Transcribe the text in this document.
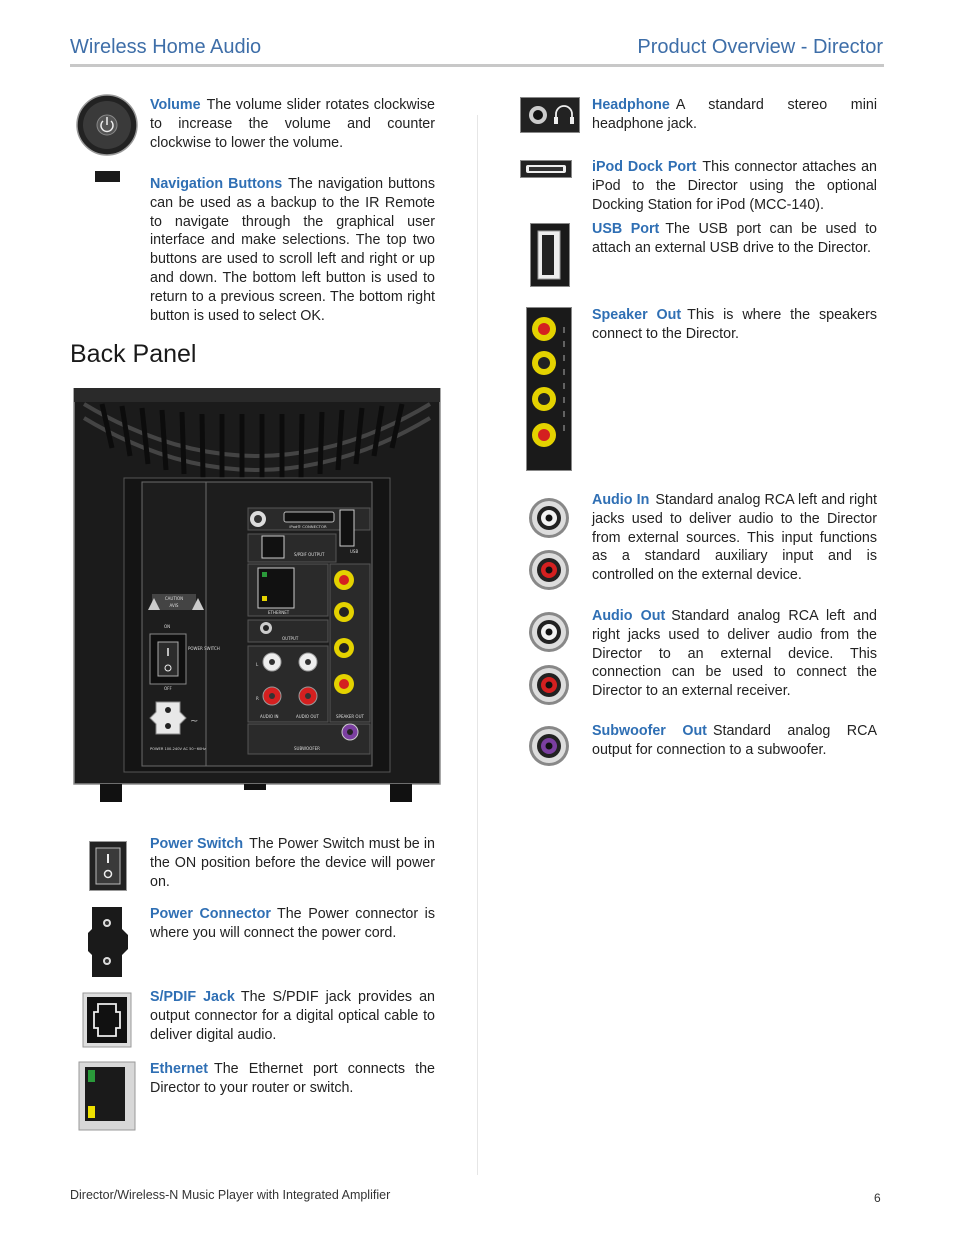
Wireless Home Audio	Product Overview - Director
Volume The volume slider rotates clockwise to increase the volume and counter clockwise to lower the volume.
Navigation Buttons The navigation buttons can be used as a backup to the IR Remote to navigate through the graphical user interface and make selections. The top two buttons are used to scroll left and right or up and down. The bottom left button is used to return to a previous screen. The bottom right button is used to select OK.
Back Panel
CAUTION
AVIS
ON
POWER SWITCH
OFF
~
POWER 100-240V AC 50~60Hz
iPod® CONNECTOR
USB
S/PDIF OUTPUT
ETHERNET
OUTPUT
L
R
AUDIO IN	AUDIO OUT	SPEAKER OUT
SUBWOOFER
Power Switch The Power Switch must be in the ON position before the device will power on.
Power Connector The Power connector is where you will connect the power cord.
S/PDIF Jack The S/PDIF jack provides an output connector for a digital optical cable to deliver digital audio.
Ethernet The Ethernet port connects the Director to your router or switch.
Headphone A standard stereo mini headphone jack.
iPod Dock Port This connector attaches an iPod to the Director using the optional Docking Station for iPod (MCC-140).
USB Port The USB port can be used to attach an external USB drive to the Director.
Speaker Out This is where the speakers connect to the Director.
Audio In Standard analog RCA left and right jacks used to deliver audio to the Director from external sources. This input functions as a standard auxiliary input and is controlled on the external device.
Audio Out Standard analog RCA left and right jacks used to deliver audio from the Director to an external device. This connection can be used to connect the Director to an external receiver.
Subwoofer Out Standard analog RCA output for connection to a subwoofer.
Director/Wireless-N Music Player with Integrated Amplifier	6
